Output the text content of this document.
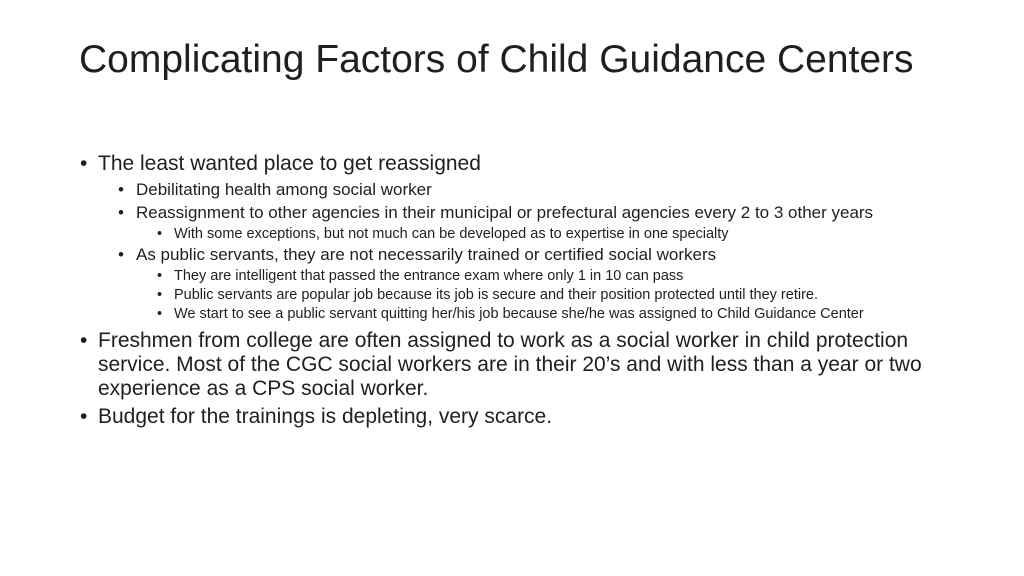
Complicating Factors of Child Guidance Centers
• The least wanted place to get reassigned
• Debilitating health among social worker
• Reassignment to other agencies in their municipal or prefectural agencies every 2 to 3 other years
• With some exceptions, but not much can be developed as to expertise in one specialty
• As public servants, they are not necessarily trained or certified social workers
• They are intelligent that passed the entrance exam where only 1 in 10 can pass
• Public servants are popular job because its job is secure and their position protected until they retire.
• We start to see a public servant quitting her/his job because she/he was assigned to Child Guidance Center
• Freshmen from college are often assigned to work as a social worker in child protection service. Most of the CGC social workers are in their 20’s and with less than a year or two experience as a CPS social worker.
• Budget for the trainings is depleting, very scarce.
